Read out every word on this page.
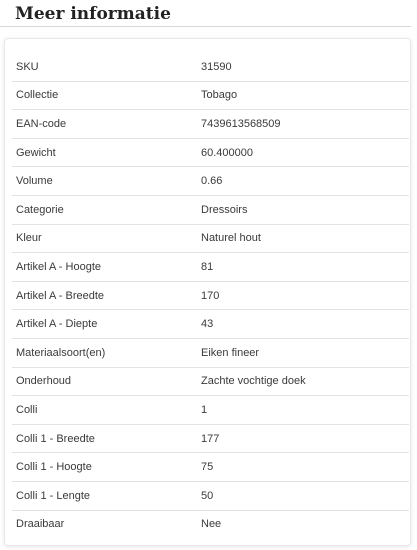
Meer informatie
SKU	31590
Collectie	Tobago
EAN-code	7439613568509
Gewicht	60.400000
Volume	0.66
Categorie	Dressoirs
Kleur	Naturel hout
Artikel A - Hoogte	81
Artikel A - Breedte	170
Artikel A - Diepte	43
Materiaalsoort(en)	Eiken fineer
Onderhoud	Zachte vochtige doek
Colli	1
Colli 1 - Breedte	177
Colli 1 - Hoogte	75
Colli 1 - Lengte	50
Draaibaar	Nee
